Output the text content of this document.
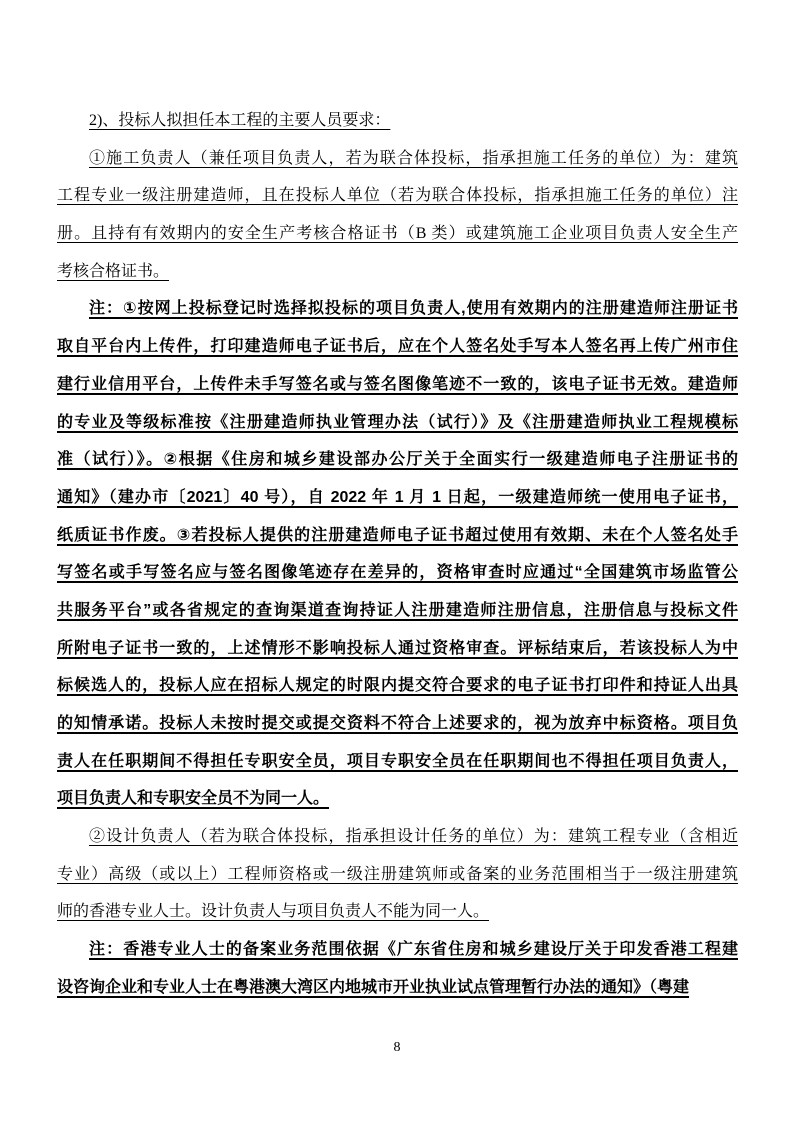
2)、投标人拟担任本工程的主要人员要求：
①施工负责人（兼任项目负责人，若为联合体投标，指承担施工任务的单位）为：建筑
工程专业一级注册建造师，且在投标人单位（若为联合体投标，指承担施工任务的单位）注
册。且持有有效期内的安全生产考核合格证书（B 类）或建筑施工企业项目负责人安全生产
考核合格证书。
注：①按网上投标登记时选择拟投标的项目负责人,使用有效期内的注册建造师注册证书
取自平台内上传件，打印建造师电子证书后，应在个人签名处手写本人签名再上传广州市住
建行业信用平台，上传件未手写签名或与签名图像笔迹不一致的，该电子证书无效。建造师
的专业及等级标准按《注册建造师执业管理办法（试行）》及《注册建造师执业工程规模标
准（试行）》。②根据《住房和城乡建设部办公厅关于全面实行一级建造师电子注册证书的
通知》（建办市〔2021〕40 号），自 2022 年 1 月 1 日起，一级建造师统一使用电子证书，
纸质证书作废。③若投标人提供的注册建造师电子证书超过使用有效期、未在个人签名处手
写签名或手写签名应与签名图像笔迹存在差异的，资格审查时应通过“全国建筑市场监管公
共服务平台”或各省规定的查询渠道查询持证人注册建造师注册信息，注册信息与投标文件
所附电子证书一致的，上述情形不影响投标人通过资格审查。评标结束后，若该投标人为中
标候选人的，投标人应在招标人规定的时限内提交符合要求的电子证书打印件和持证人出具
的知情承诺。投标人未按时提交或提交资料不符合上述要求的，视为放弃中标资格。项目负
责人在任职期间不得担任专职安全员，项目专职安全员在任职期间也不得担任项目负责人，
项目负责人和专职安全员不为同一人。
②设计负责人（若为联合体投标，指承担设计任务的单位）为：建筑工程专业（含相近
专业）高级（或以上）工程师资格或一级注册建筑师或备案的业务范围相当于一级注册建筑
师的香港专业人士。设计负责人与项目负责人不能为同一人。
注：香港专业人士的备案业务范围依据《广东省住房和城乡建设厅关于印发香港工程建
设咨询企业和专业人士在粤港澳大湾区内地城市开业执业试点管理暂行办法的通知》（粤建
8
